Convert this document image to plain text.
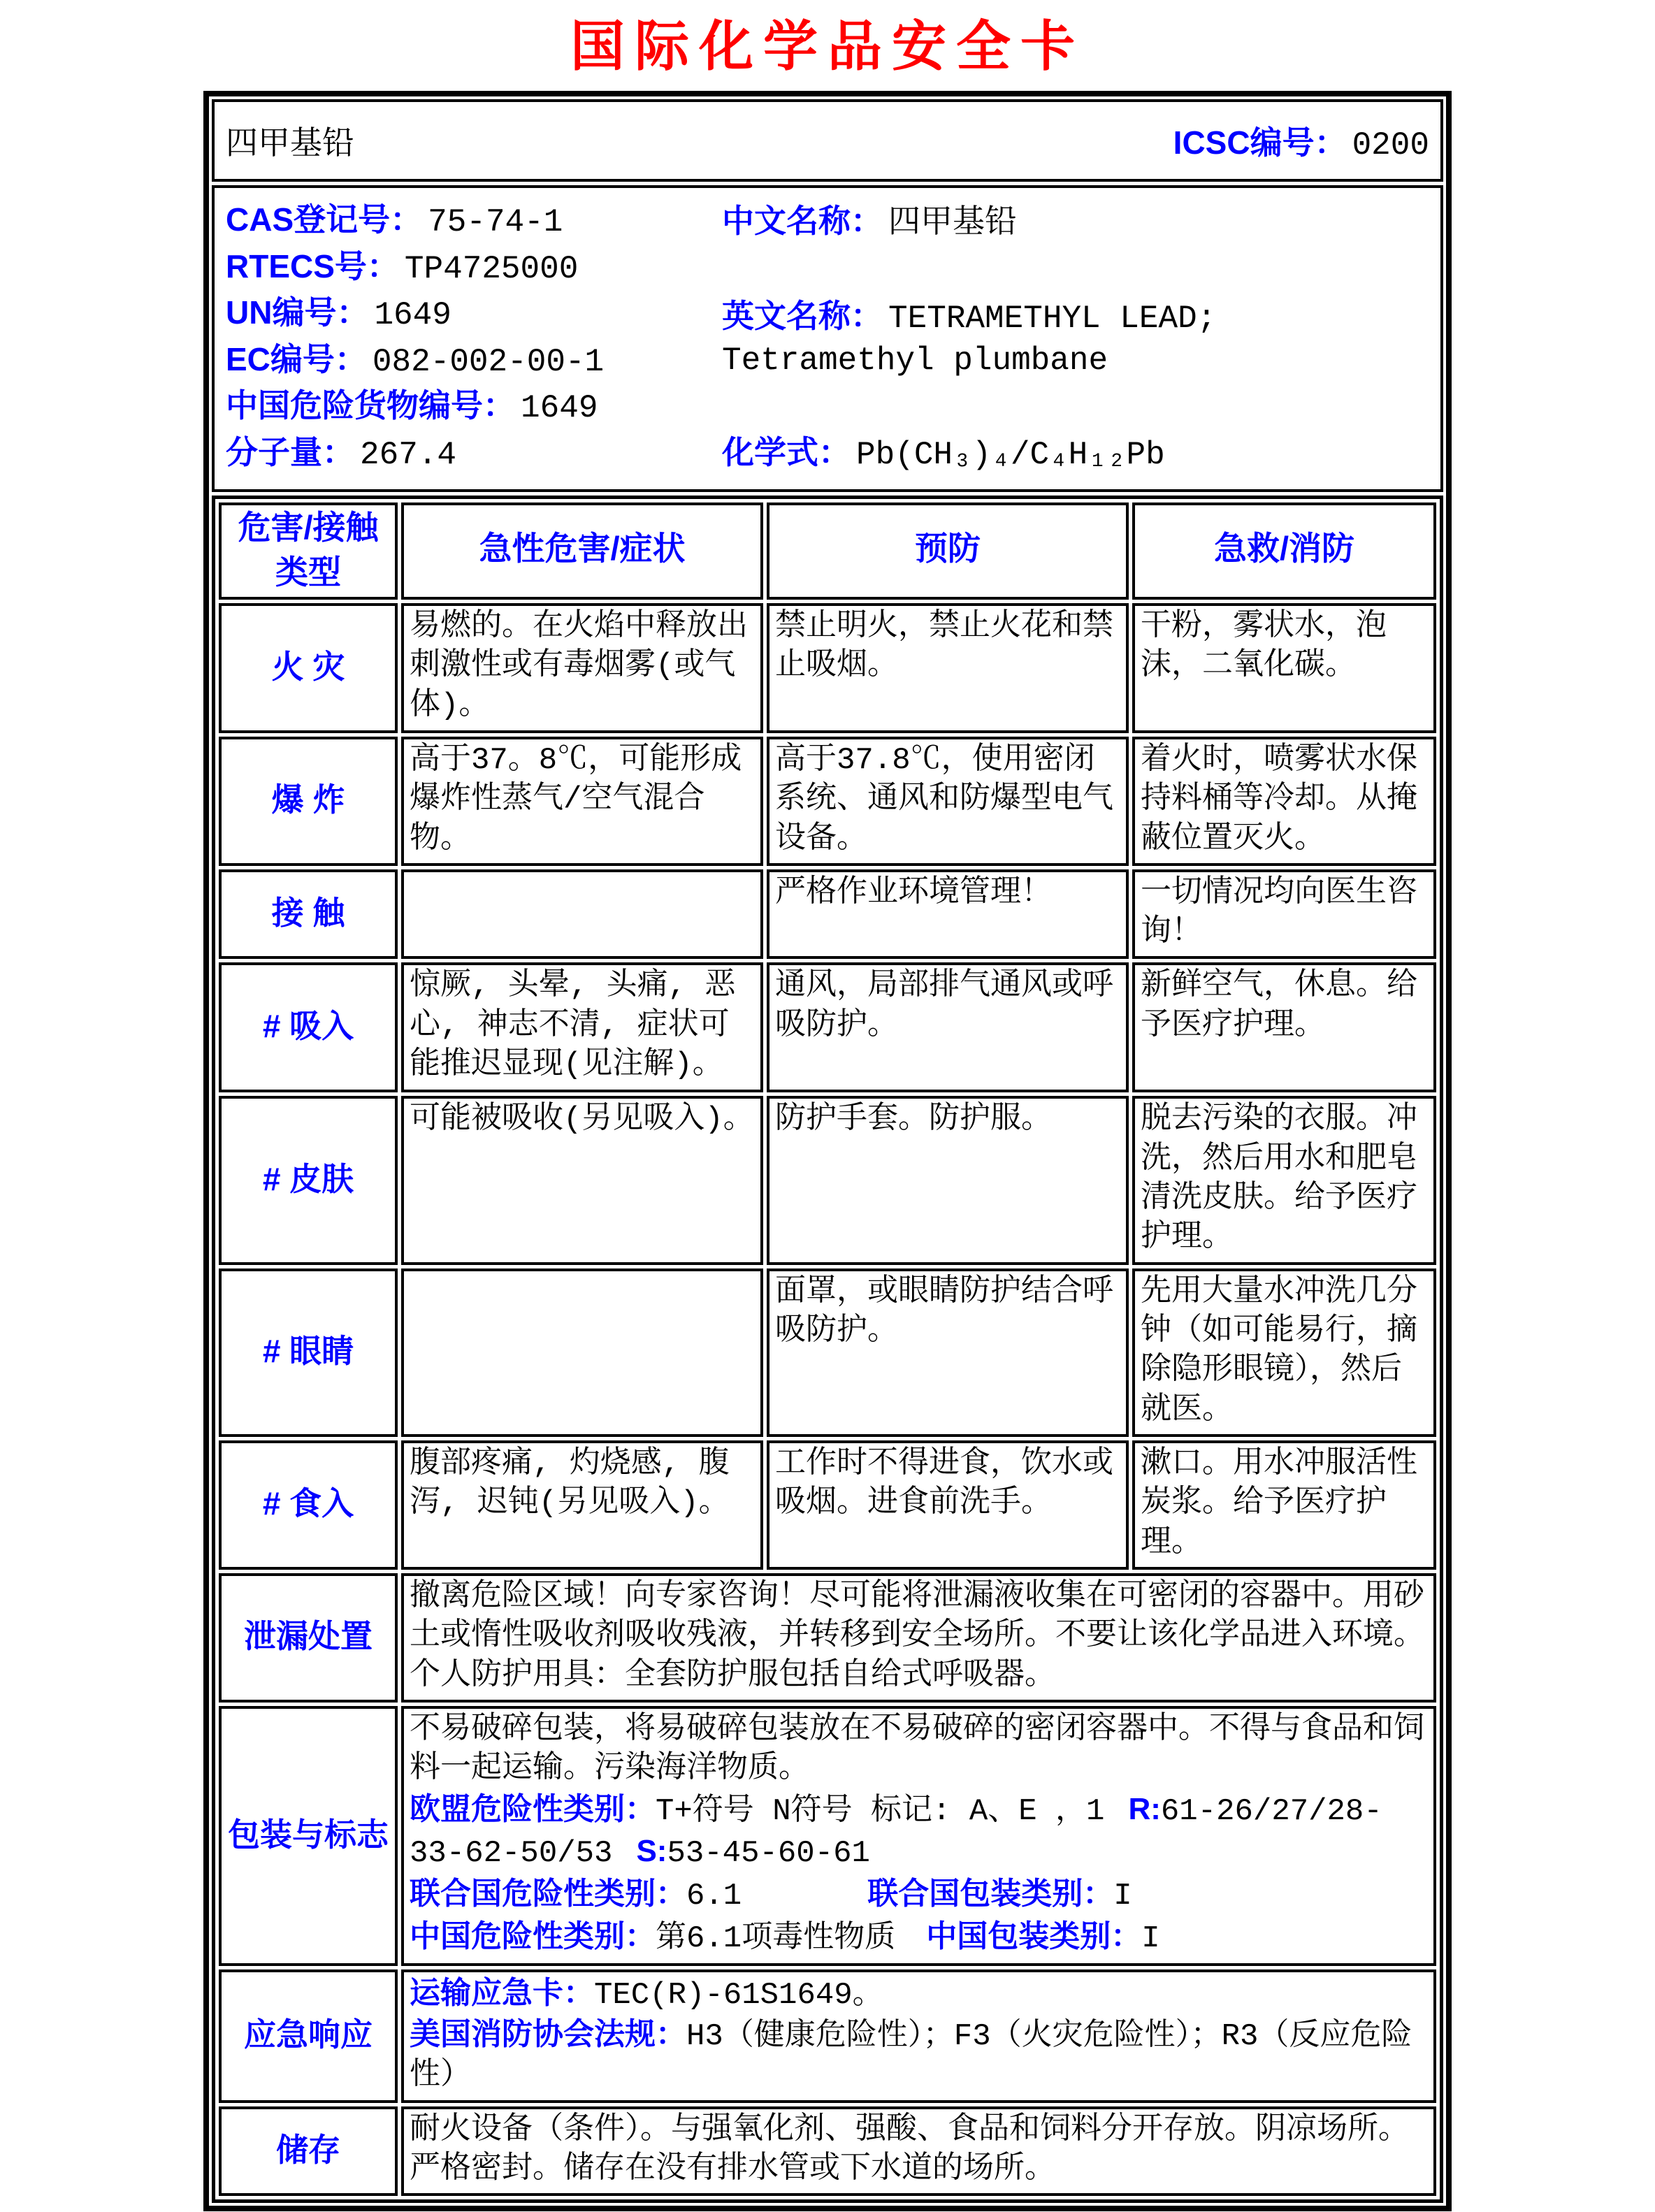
国际化学品安全卡
四甲基铅	ICSC编号： 0200
CAS登记号： 75-74-1
RTECS号： TP4725000
UN编号： 1649
EC编号： 082-002-00-1
中国危险货物编号： 1649
分子量： 267.4
中文名称： 四甲基铅
英文名称： TETRAMETHYL LEAD; Tetramethyl plumbane
化学式： Pb(CH₃)₄/C₄H₁₂Pb
危害/接触类型	急性危害/症状	预防	急救/消防
火 灾	易燃的。在火焰中释放出刺激性或有毒烟雾(或气体)。	禁止明火，禁止火花和禁止吸烟。	干粉，雾状水，泡沫，二氧化碳。
爆 炸	高于37。8℃，可能形成爆炸性蒸气/空气混合物。	高于37.8℃，使用密闭系统、通风和防爆型电气设备。	着火时，喷雾状水保持料桶等冷却。从掩蔽位置灭火。
接 触		严格作业环境管理！	一切情况均向医生咨询！
# 吸入	惊厥, 头晕, 头痛, 恶心, 神志不清, 症状可能推迟显现(见注解)。	通风，局部排气通风或呼吸防护。	新鲜空气，休息。给予医疗护理。
# 皮肤	可能被吸收(另见吸入)。	防护手套。防护服。	脱去污染的衣服。冲洗，然后用水和肥皂清洗皮肤。给予医疗护理。
# 眼睛		面罩，或眼睛防护结合呼吸防护。	先用大量水冲洗几分钟（如可能易行，摘除隐形眼镜），然后就医。
# 食入	腹部疼痛, 灼烧感, 腹泻, 迟钝(另见吸入)。	工作时不得进食，饮水或吸烟。进食前洗手。	漱口。用水冲服活性炭浆。给予医疗护理。
泄漏处置	撤离危险区域！向专家咨询！尽可能将泄漏液收集在可密闭的容器中。用砂土或惰性吸收剂吸收残液，并转移到安全场所。不要让该化学品进入环境。个人防护用具：全套防护服包括自给式呼吸器。		
包装与标志	不易破碎包装，将易破碎包装放在不易破碎的密闭容器中。不得与食品和饲料一起运输。污染海洋物质。
欧盟危险性类别：T+符号 N符号 标记: A、E ，1 R:61-26/27/28-33-62-50/53 S:53-45-60-61
联合国危险性类别：6.1 联合国包装类别：I
中国危险性类别：第6.1项毒性物质 中国包装类别：I		

应急响应	运输应急卡：TEC(R)-61S1649。
美国消防协会法规：H3（健康危险性）；F3（火灾危险性）；R3（反应危险性）		

储存	耐火设备（条件）。与强氧化剂、强酸、食品和饲料分开存放。阴凉场所。严格密封。储存在没有排水管或下水道的场所。		
